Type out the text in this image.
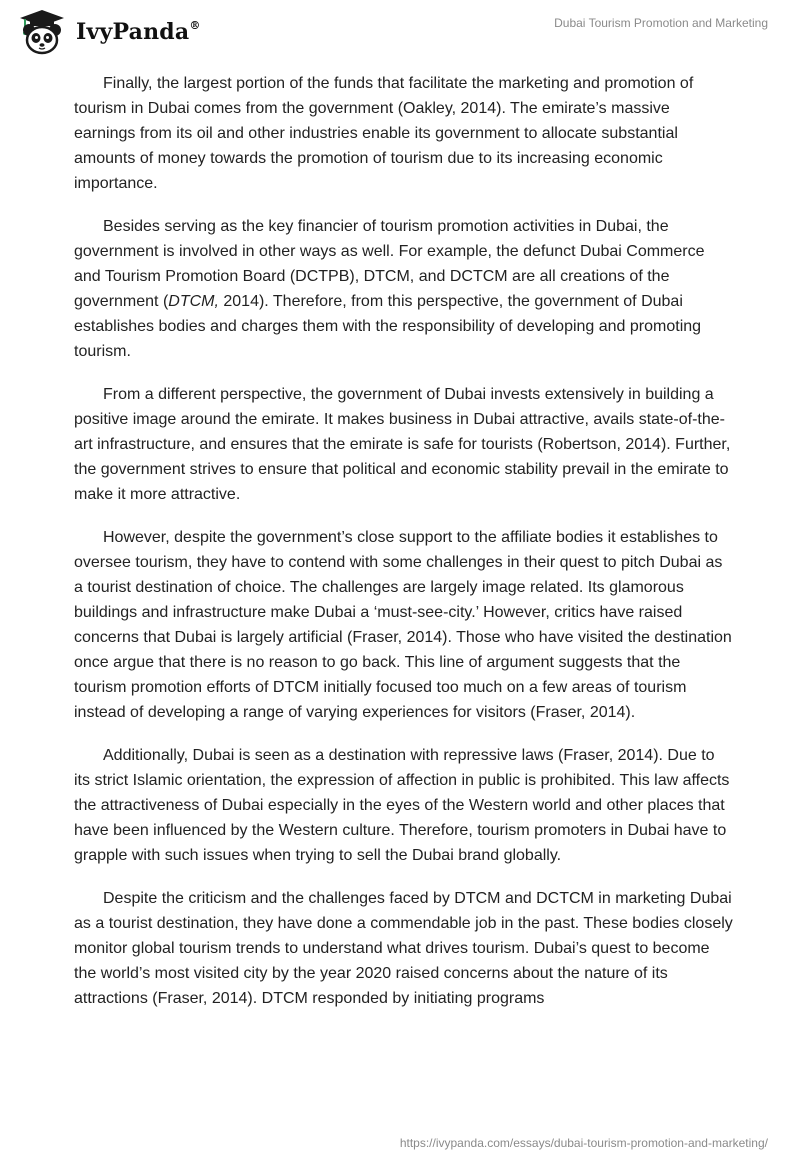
IvyPanda®	Dubai Tourism Promotion and Marketing

Finally, the largest portion of the funds that facilitate the marketing and promotion of tourism in Dubai comes from the government (Oakley, 2014). The emirate’s massive earnings from its oil and other industries enable its government to allocate substantial amounts of money towards the promotion of tourism due to its increasing economic importance.

Besides serving as the key financier of tourism promotion activities in Dubai, the government is involved in other ways as well. For example, the defunct Dubai Commerce and Tourism Promotion Board (DCTPB), DTCM, and DCTCM are all creations of the government (DTCM, 2014). Therefore, from this perspective, the government of Dubai establishes bodies and charges them with the responsibility of developing and promoting tourism.

From a different perspective, the government of Dubai invests extensively in building a positive image around the emirate. It makes business in Dubai attractive, avails state-of-the-art infrastructure, and ensures that the emirate is safe for tourists (Robertson, 2014). Further, the government strives to ensure that political and economic stability prevail in the emirate to make it more attractive.

However, despite the government’s close support to the affiliate bodies it establishes to oversee tourism, they have to contend with some challenges in their quest to pitch Dubai as a tourist destination of choice. The challenges are largely image related. Its glamorous buildings and infrastructure make Dubai a ‘must-see-city.’ However, critics have raised concerns that Dubai is largely artificial (Fraser, 2014). Those who have visited the destination once argue that there is no reason to go back. This line of argument suggests that the tourism promotion efforts of DTCM initially focused too much on a few areas of tourism instead of developing a range of varying experiences for visitors (Fraser, 2014).

Additionally, Dubai is seen as a destination with repressive laws (Fraser, 2014). Due to its strict Islamic orientation, the expression of affection in public is prohibited. This law affects the attractiveness of Dubai especially in the eyes of the Western world and other places that have been influenced by the Western culture. Therefore, tourism promoters in Dubai have to grapple with such issues when trying to sell the Dubai brand globally.

Despite the criticism and the challenges faced by DTCM and DCTCM in marketing Dubai as a tourist destination, they have done a commendable job in the past. These bodies closely monitor global tourism trends to understand what drives tourism. Dubai’s quest to become the world’s most visited city by the year 2020 raised concerns about the nature of its attractions (Fraser, 2014). DTCM responded by initiating programs

https://ivypanda.com/essays/dubai-tourism-promotion-and-marketing/
